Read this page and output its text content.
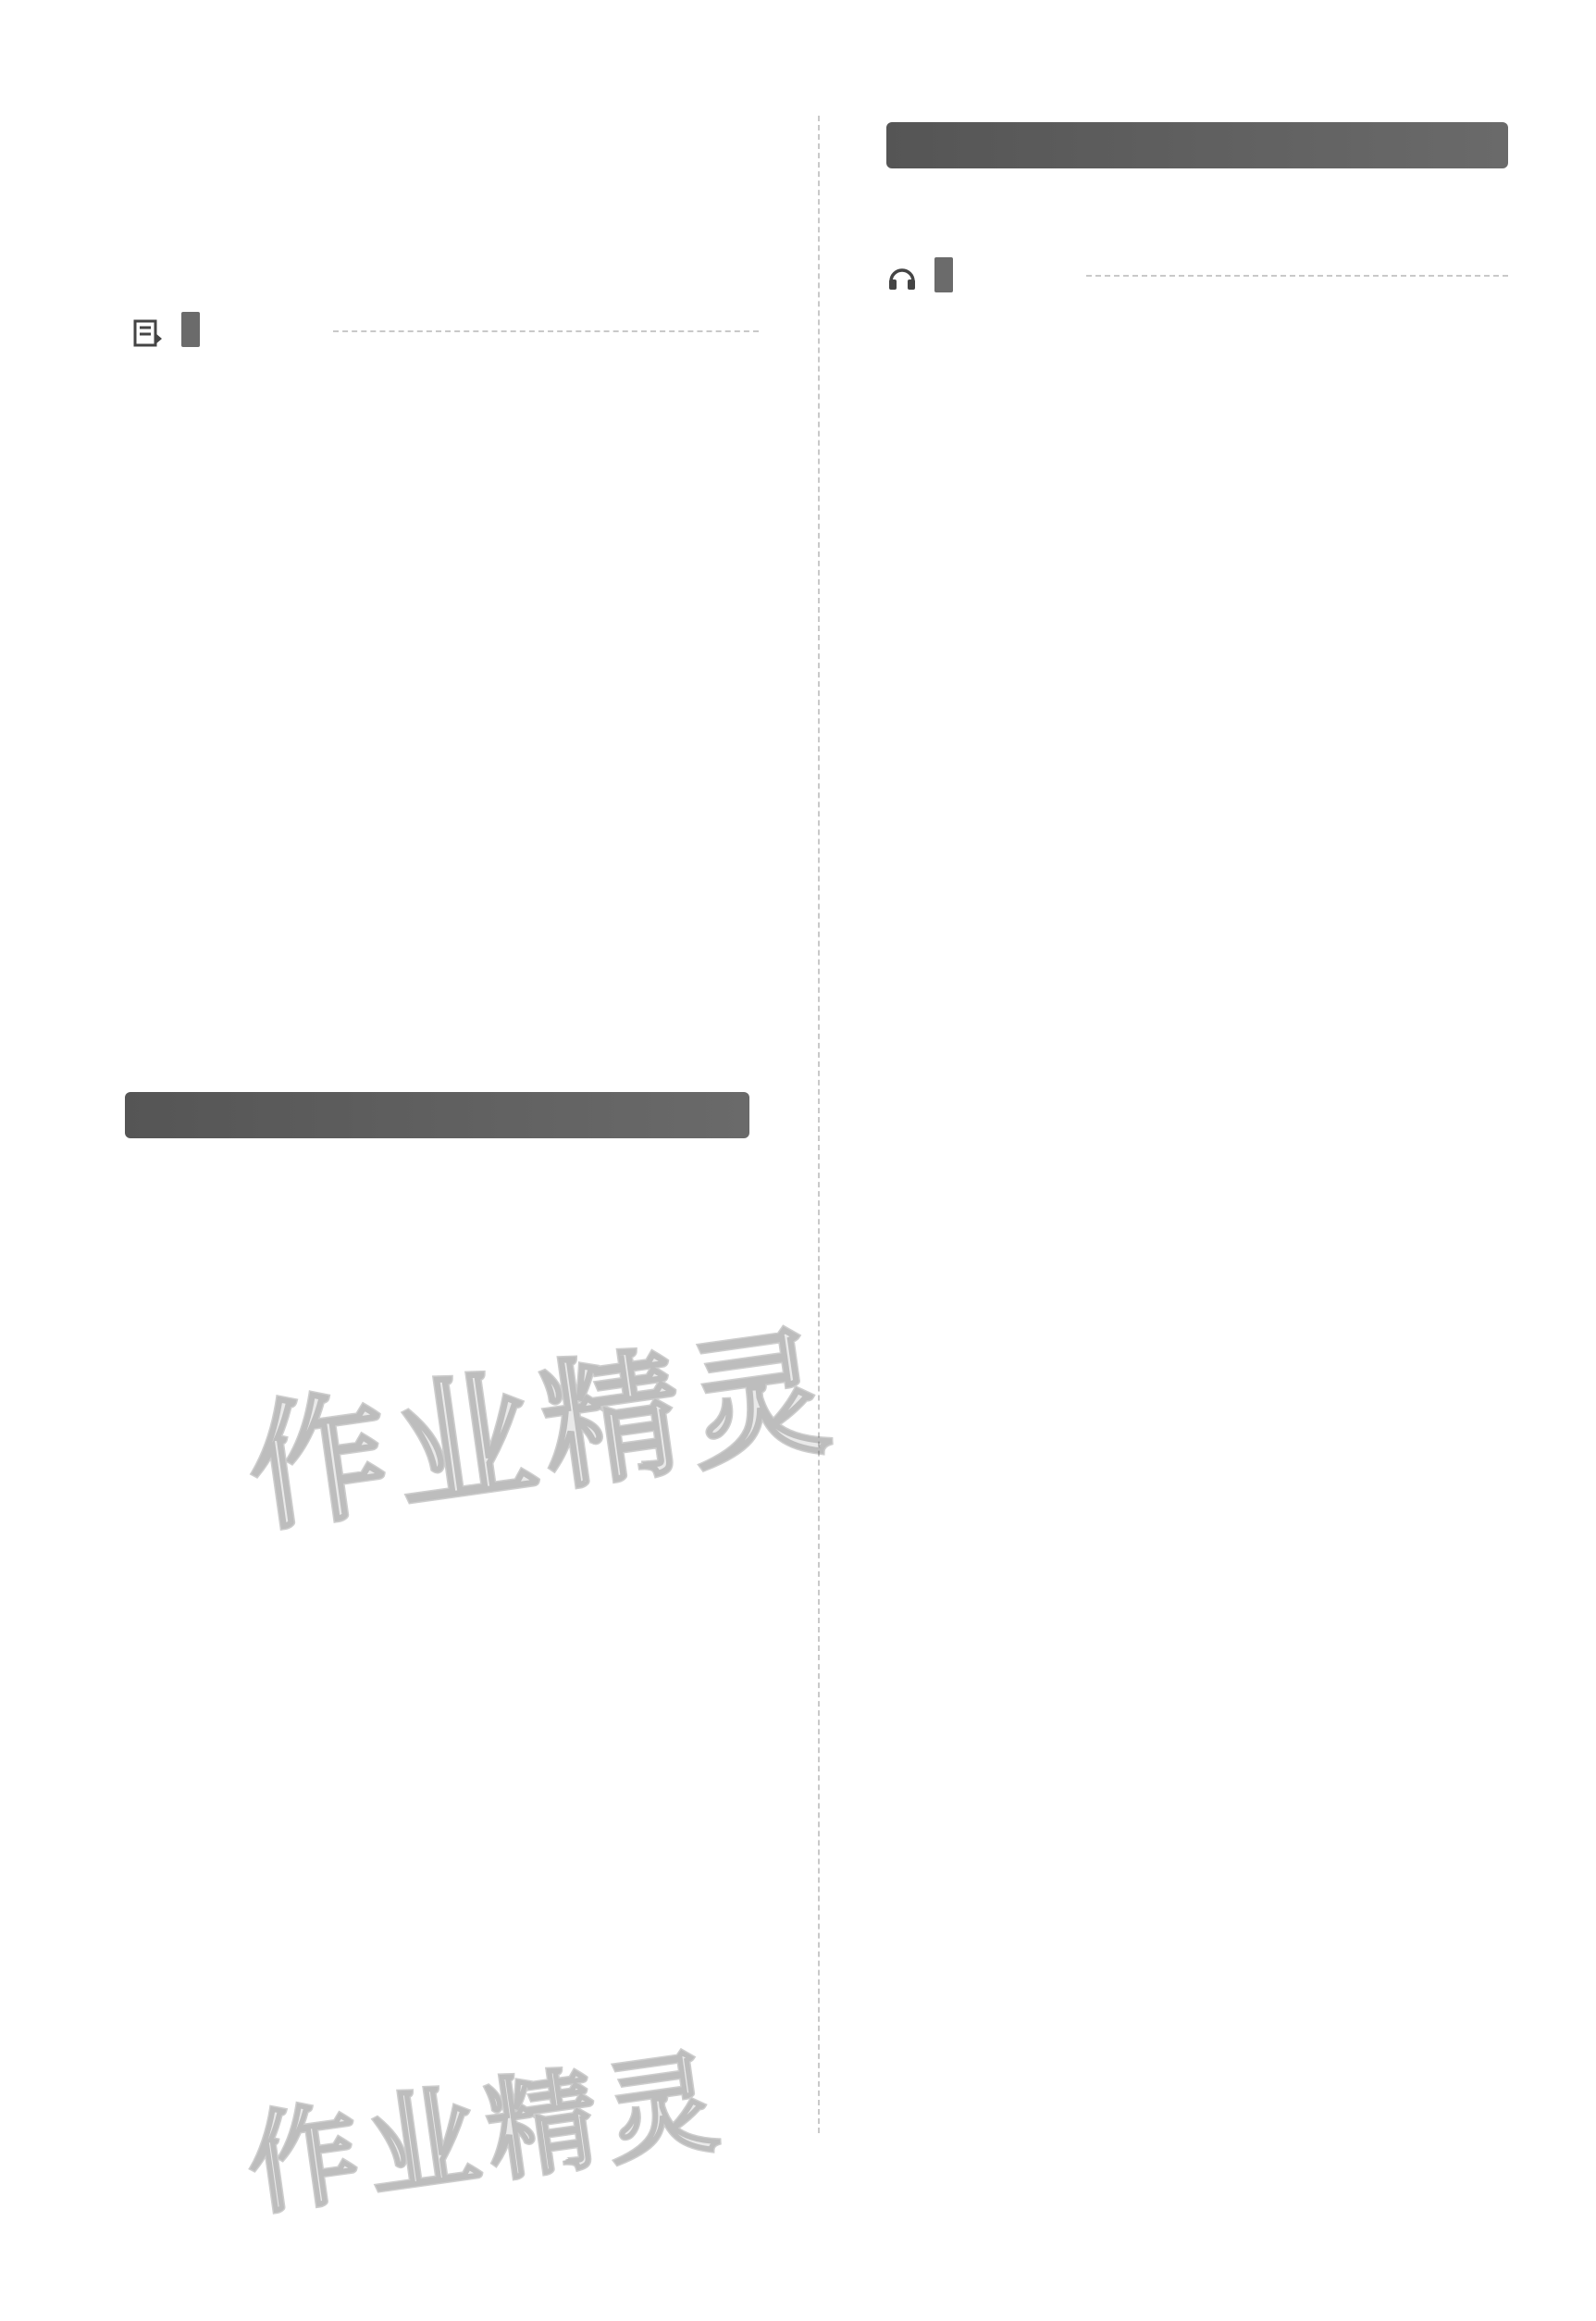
作业精灵
作业精灵
